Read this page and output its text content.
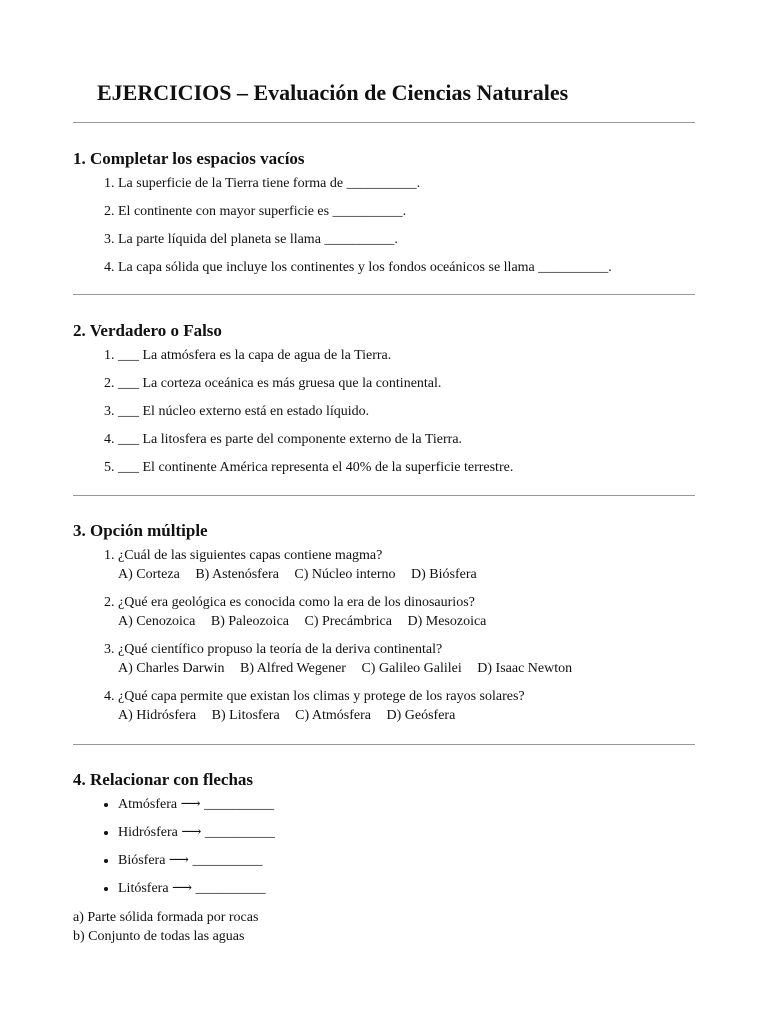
EJERCICIOS – Evaluación de Ciencias Naturales
1. Completar los espacios vacíos
1. La superficie de la Tierra tiene forma de __________.
2. El continente con mayor superficie es __________.
3. La parte líquida del planeta se llama __________.
4. La capa sólida que incluye los continentes y los fondos oceánicos se llama __________.
2. Verdadero o Falso
1. ___ La atmósfera es la capa de agua de la Tierra.
2. ___ La corteza oceánica es más gruesa que la continental.
3. ___ El núcleo externo está en estado líquido.
4. ___ La litosfera es parte del componente externo de la Tierra.
5. ___ El continente América representa el 40% de la superficie terrestre.
3. Opción múltiple
1. ¿Cuál de las siguientes capas contiene magma?
A) Corteza B) Astenósfera C) Núcleo interno D) Biósfera
2. ¿Qué era geológica es conocida como la era de los dinosaurios?
A) Cenozoica B) Paleozoica C) Precámbrica D) Mesozoica
3. ¿Qué científico propuso la teoría de la deriva continental?
A) Charles Darwin B) Alfred Wegener C) Galileo Galilei D) Isaac Newton
4. ¿Qué capa permite que existan los climas y protege de los rayos solares?
A) Hidrósfera B) Litosfera C) Atmósfera D) Geósfera
4. Relacionar con flechas
• Atmósfera ⟶ __________
• Hidrósfera ⟶ __________
• Biósfera ⟶ __________
• Litósfera ⟶ __________
a) Parte sólida formada por rocas
b) Conjunto de todas las aguas
